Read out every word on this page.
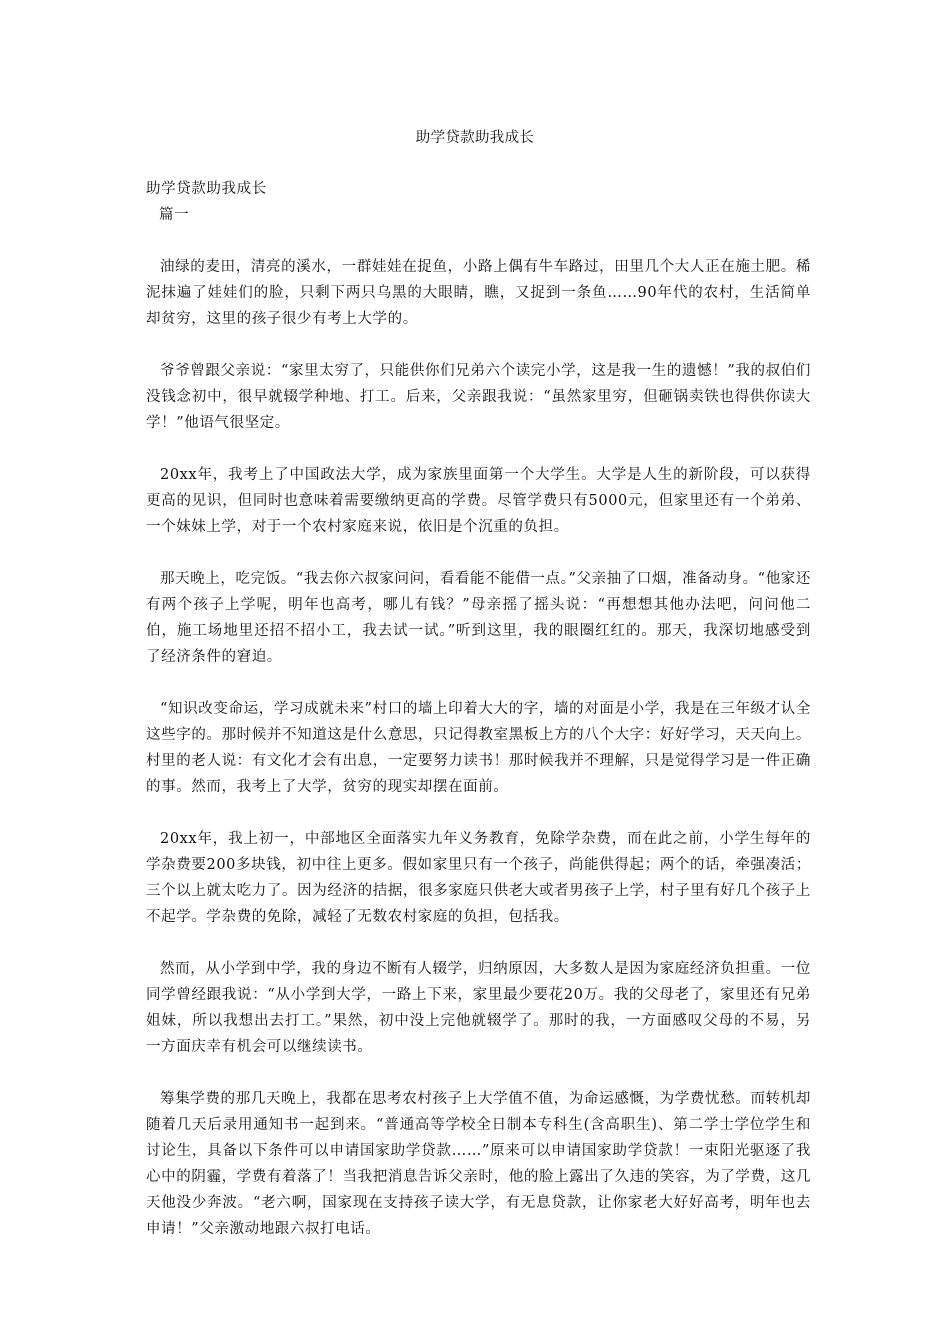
助学贷款助我成长

助学贷款助我成长

篇一

油绿的麦田，清亮的溪水，一群娃娃在捉鱼，小路上偶有牛车路过，田里几个大人正在施土肥。稀泥抹遍了娃娃们的脸，只剩下两只乌黑的大眼睛，瞧，又捉到一条鱼……90年代的农村，生活简单却贫穷，这里的孩子很少有考上大学的。

爷爷曾跟父亲说：“家里太穷了，只能供你们兄弟六个读完小学，这是我一生的遗憾！”我的叔伯们没钱念初中，很早就辍学种地、打工。后来，父亲跟我说：“虽然家里穷，但砸锅卖铁也得供你读大学！”他语气很坚定。

20xx年，我考上了中国政法大学，成为家族里面第一个大学生。大学是人生的新阶段，可以获得更高的见识，但同时也意味着需要缴纳更高的学费。尽管学费只有5000元，但家里还有一个弟弟、一个妹妹上学，对于一个农村家庭来说，依旧是个沉重的负担。

那天晚上，吃完饭。“我去你六叔家问问，看看能不能借一点。”父亲抽了口烟，准备动身。“他家还有两个孩子上学呢，明年也高考，哪儿有钱？”母亲摇了摇头说：“再想想其他办法吧，问问他二伯，施工场地里还招不招小工，我去试一试。”听到这里，我的眼圈红红的。那天，我深切地感受到了经济条件的窘迫。

“知识改变命运，学习成就未来”村口的墙上印着大大的字，墙的对面是小学，我是在三年级才认全这些字的。那时候并不知道这是什么意思，只记得教室黑板上方的八个大字：好好学习，天天向上。村里的老人说：有文化才会有出息，一定要努力读书！那时候我并不理解，只是觉得学习是一件正确的事。然而，我考上了大学，贫穷的现实却摆在面前。

20xx年，我上初一，中部地区全面落实九年义务教育，免除学杂费，而在此之前，小学生每年的学杂费要200多块钱，初中往上更多。假如家里只有一个孩子，尚能供得起；两个的话，牵强凑活；三个以上就太吃力了。因为经济的拮据，很多家庭只供老大或者男孩子上学，村子里有好几个孩子上不起学。学杂费的免除，减轻了无数农村家庭的负担，包括我。

然而，从小学到中学，我的身边不断有人辍学，归纳原因，大多数人是因为家庭经济负担重。一位同学曾经跟我说：“从小学到大学，一路上下来，家里最少要花20万。我的父母老了，家里还有兄弟姐妹，所以我想出去打工。”果然，初中没上完他就辍学了。那时的我，一方面感叹父母的不易，另一方面庆幸有机会可以继续读书。

筹集学费的那几天晚上，我都在思考农村孩子上大学值不值，为命运感慨，为学费忧愁。而转机却随着几天后录用通知书一起到来。“普通高等学校全日制本专科生(含高职生)、第二学士学位学生和讨论生，具备以下条件可以申请国家助学贷款……”原来可以申请国家助学贷款！一束阳光驱逐了我心中的阴霾，学费有着落了！当我把消息告诉父亲时，他的脸上露出了久违的笑容，为了学费，这几天他没少奔波。“老六啊，国家现在支持孩子读大学，有无息贷款，让你家老大好好高考，明年也去申请！”父亲激动地跟六叔打电话。
